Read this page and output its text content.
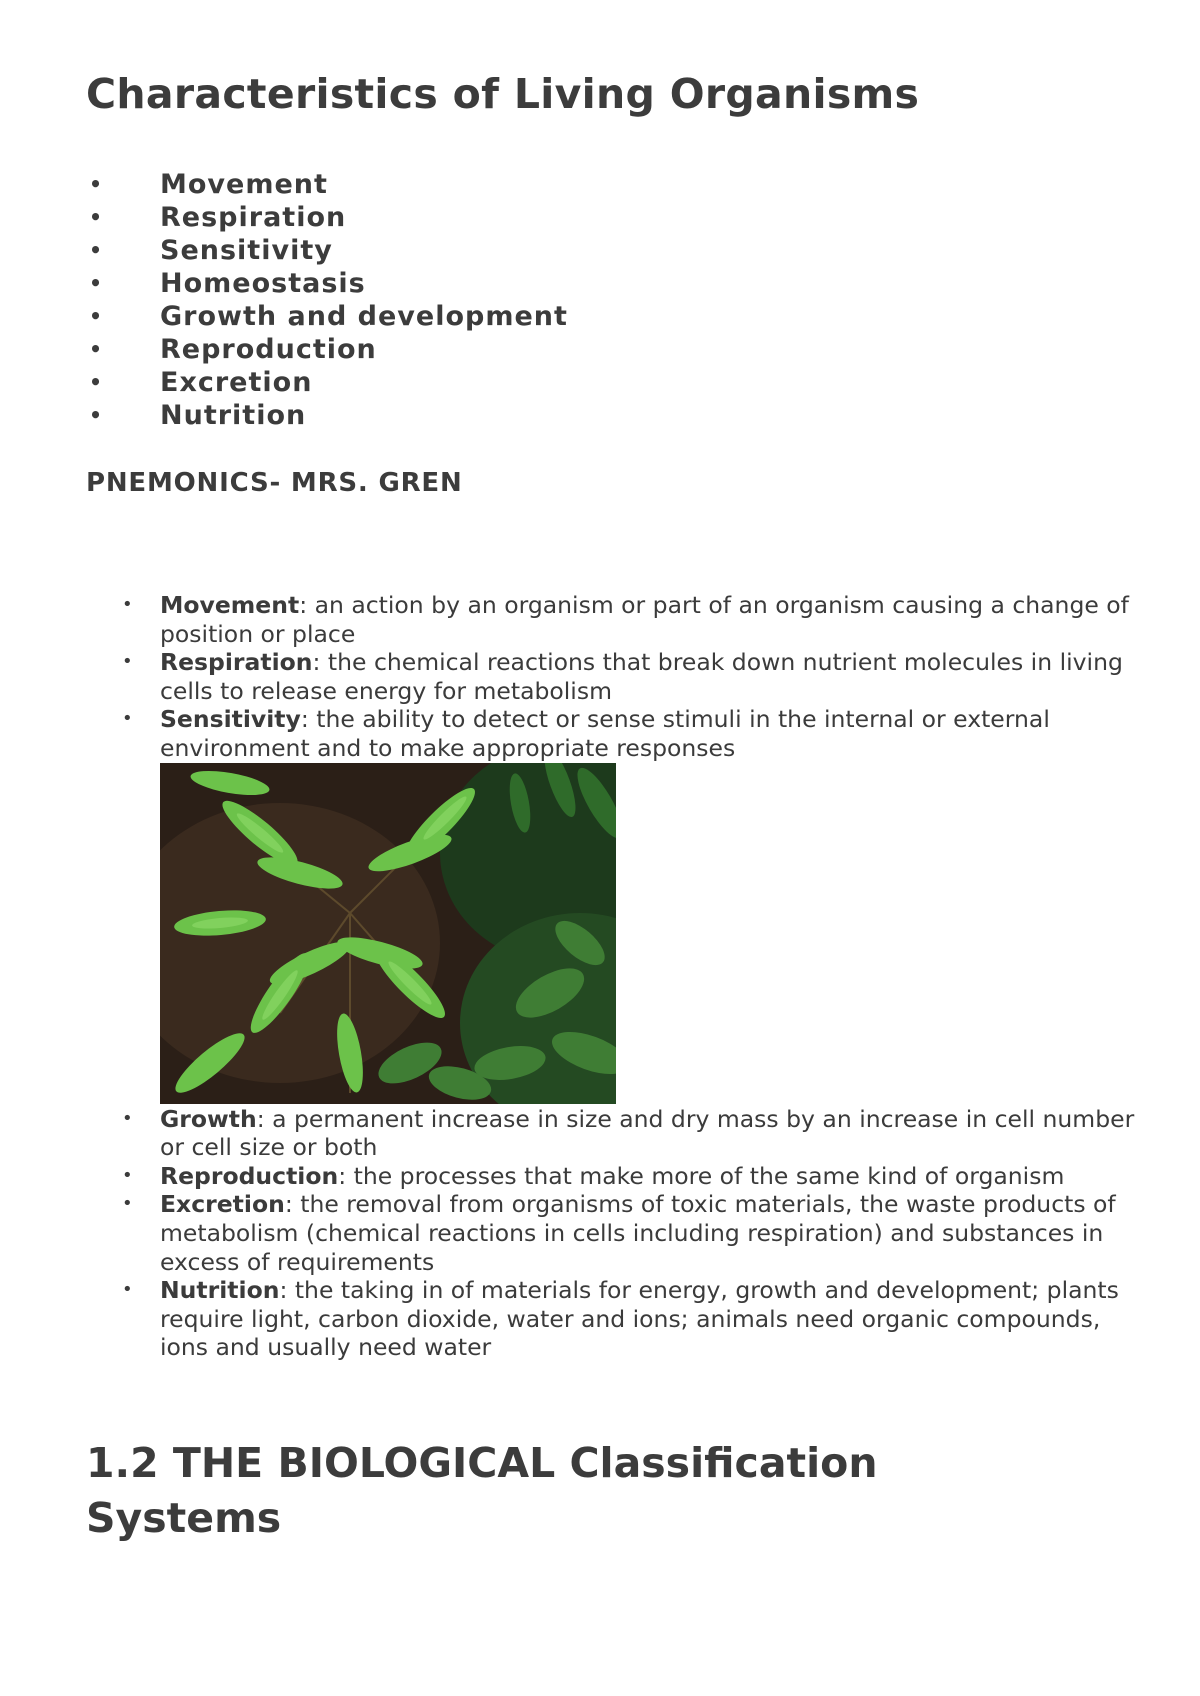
Characteristics of Living Organisms
• Movement
• Respiration
• Sensitivity
• Homeostasis
• Growth and development
• Reproduction
• Excretion
• Nutrition

PNEMONICS- MRS. GREN

• Movement: an action by an organism or part of an organism causing a change of position or place
• Respiration: the chemical reactions that break down nutrient molecules in living cells to release energy for metabolism
• Sensitivity: the ability to detect or sense stimuli in the internal or external environment and to make appropriate responses
• Growth: a permanent increase in size and dry mass by an increase in cell number or cell size or both
• Reproduction: the processes that make more of the same kind of organism
• Excretion: the removal from organisms of toxic materials, the waste products of metabolism (chemical reactions in cells including respiration) and substances in excess of requirements
• Nutrition: the taking in of materials for energy, growth and development; plants require light, carbon dioxide, water and ions; animals need organic compounds, ions and usually need water
1.2 THE BIOLOGICAL Classification Systems
